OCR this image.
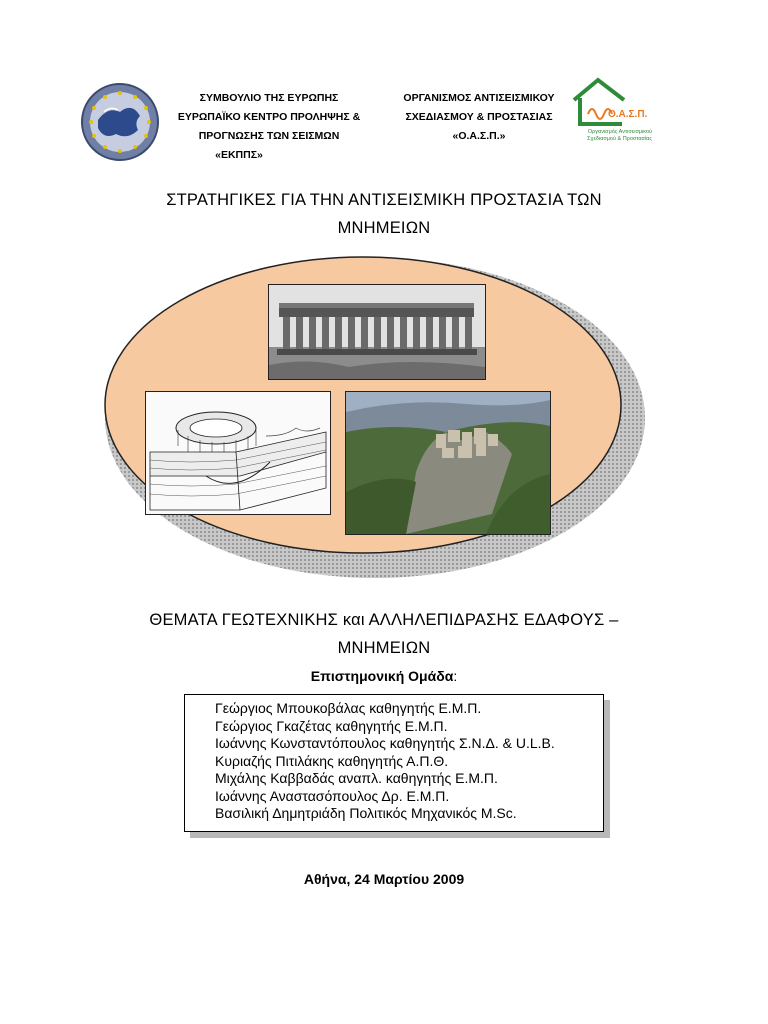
ΣΥΜΒΟΥΛΙΟ ΤΗΣ ΕΥΡΩΠΗΣ
ΕΥΡΩΠΑΪΚΟ ΚΕΝΤΡΟ ΠΡΟΛΗΨΗΣ &
ΠΡΟΓΝΩΣΗΣ ΤΩΝ ΣΕΙΣΜΩΝ
«ΕΚΠΠΣ»
ΟΡΓΑΝΙΣΜΟΣ ΑΝΤΙΣΕΙΣΜΙΚΟΥ
ΣΧΕΔΙΑΣΜΟΥ & ΠΡΟΣΤΑΣΙΑΣ
«Ο.Α.Σ.Π.»
Ο.Α.Σ.Π.
Οργανισμός Αντισεισμικού
Σχεδιασμού & Προστασίας
ΣΤΡΑΤΗΓΙΚΕΣ ΓΙΑ ΤΗΝ ΑΝΤΙΣΕΙΣΜΙΚΗ ΠΡΟΣΤΑΣΙΑ ΤΩΝ
ΜΝΗΜΕΙΩΝ
ΘΕΜΑΤΑ ΓΕΩΤΕΧΝΙΚΗΣ και ΑΛΛΗΛΕΠΙΔΡΑΣΗΣ ΕΔΑΦΟΥΣ –
ΜΝΗΜΕΙΩΝ
Επιστημονική Ομάδα:
Γεώργιος Μπουκοβάλας καθηγητής Ε.Μ.Π.
Γεώργιος Γκαζέτας καθηγητής Ε.Μ.Π.
Ιωάννης Κωνσταντόπουλος καθηγητής Σ.Ν.Δ. & U.L.B.
Κυριαζής Πιτιλάκης καθηγητής Α.Π.Θ.
Μιχάλης Καββαδάς αναπλ. καθηγητής Ε.Μ.Π.
Ιωάννης Αναστασόπουλος Δρ. Ε.Μ.Π.
Βασιλική Δημητριάδη Πολιτικός Μηχανικός M.Sc.
Αθήνα, 24 Μαρτίου 2009
